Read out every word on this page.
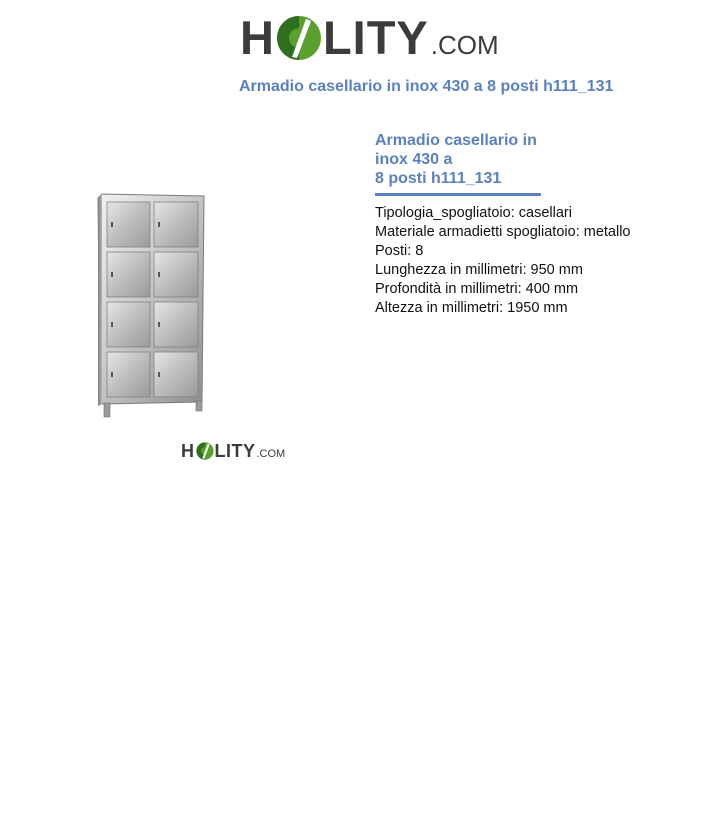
H LITY .COM
Armadio casellario in inox 430 a 8 posti h111_131
H LITY .COM
Armadio casellario in
inox 430 a
8 posti h111_131
Tipologia_spogliatoio: casellari
Materiale armadietti spogliatoio: metallo
Posti: 8
Lunghezza in millimetri: 950 mm
Profondità in millimetri: 400 mm
Altezza in millimetri: 1950 mm
